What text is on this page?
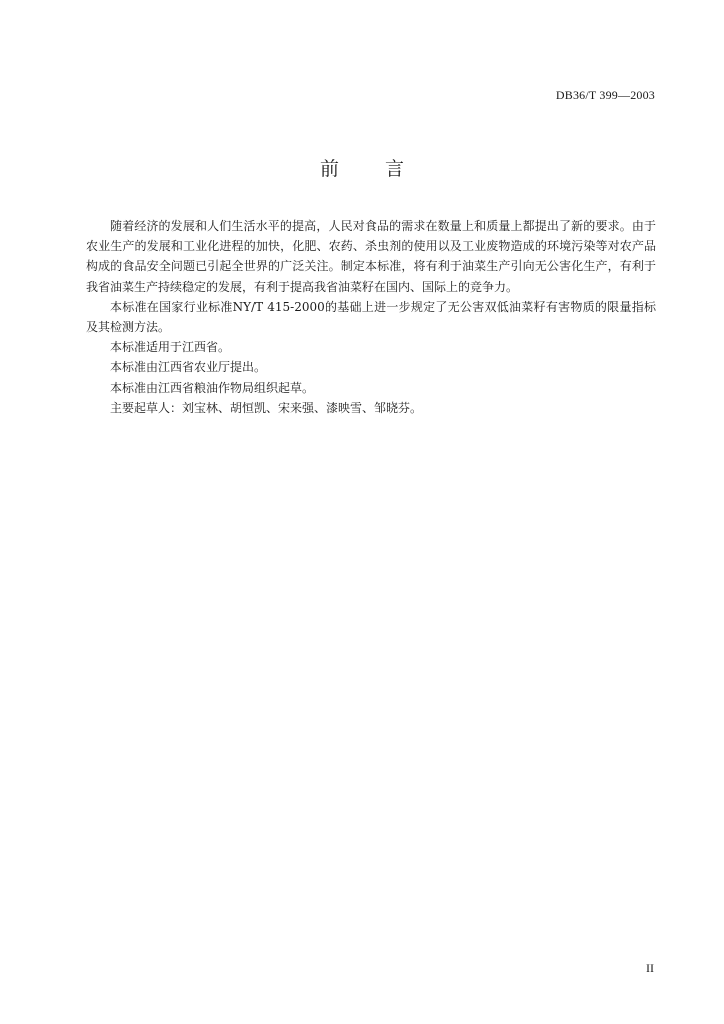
DB36/T 399—2003
前 言

随着经济的发展和人们生活水平的提高，人民对食品的需求在数量上和质量上都提出了新的要求。由于农业生产的发展和工业化进程的加快，化肥、农药、杀虫剂的使用以及工业废物造成的环境污染等对农产品构成的食品安全问题已引起全世界的广泛关注。制定本标准，将有利于油菜生产引向无公害化生产，有利于我省油菜生产持续稳定的发展，有利于提高我省油菜籽在国内、国际上的竞争力。

本标准在国家行业标准NY/T 415-2000的基础上进一步规定了无公害双低油菜籽有害物质的限量指标及其检测方法。

本标准适用于江西省。

本标准由江西省农业厅提出。

本标准由江西省粮油作物局组织起草。

主要起草人：刘宝林、胡恒凯、宋来强、漆映雪、邹晓芬。

II
